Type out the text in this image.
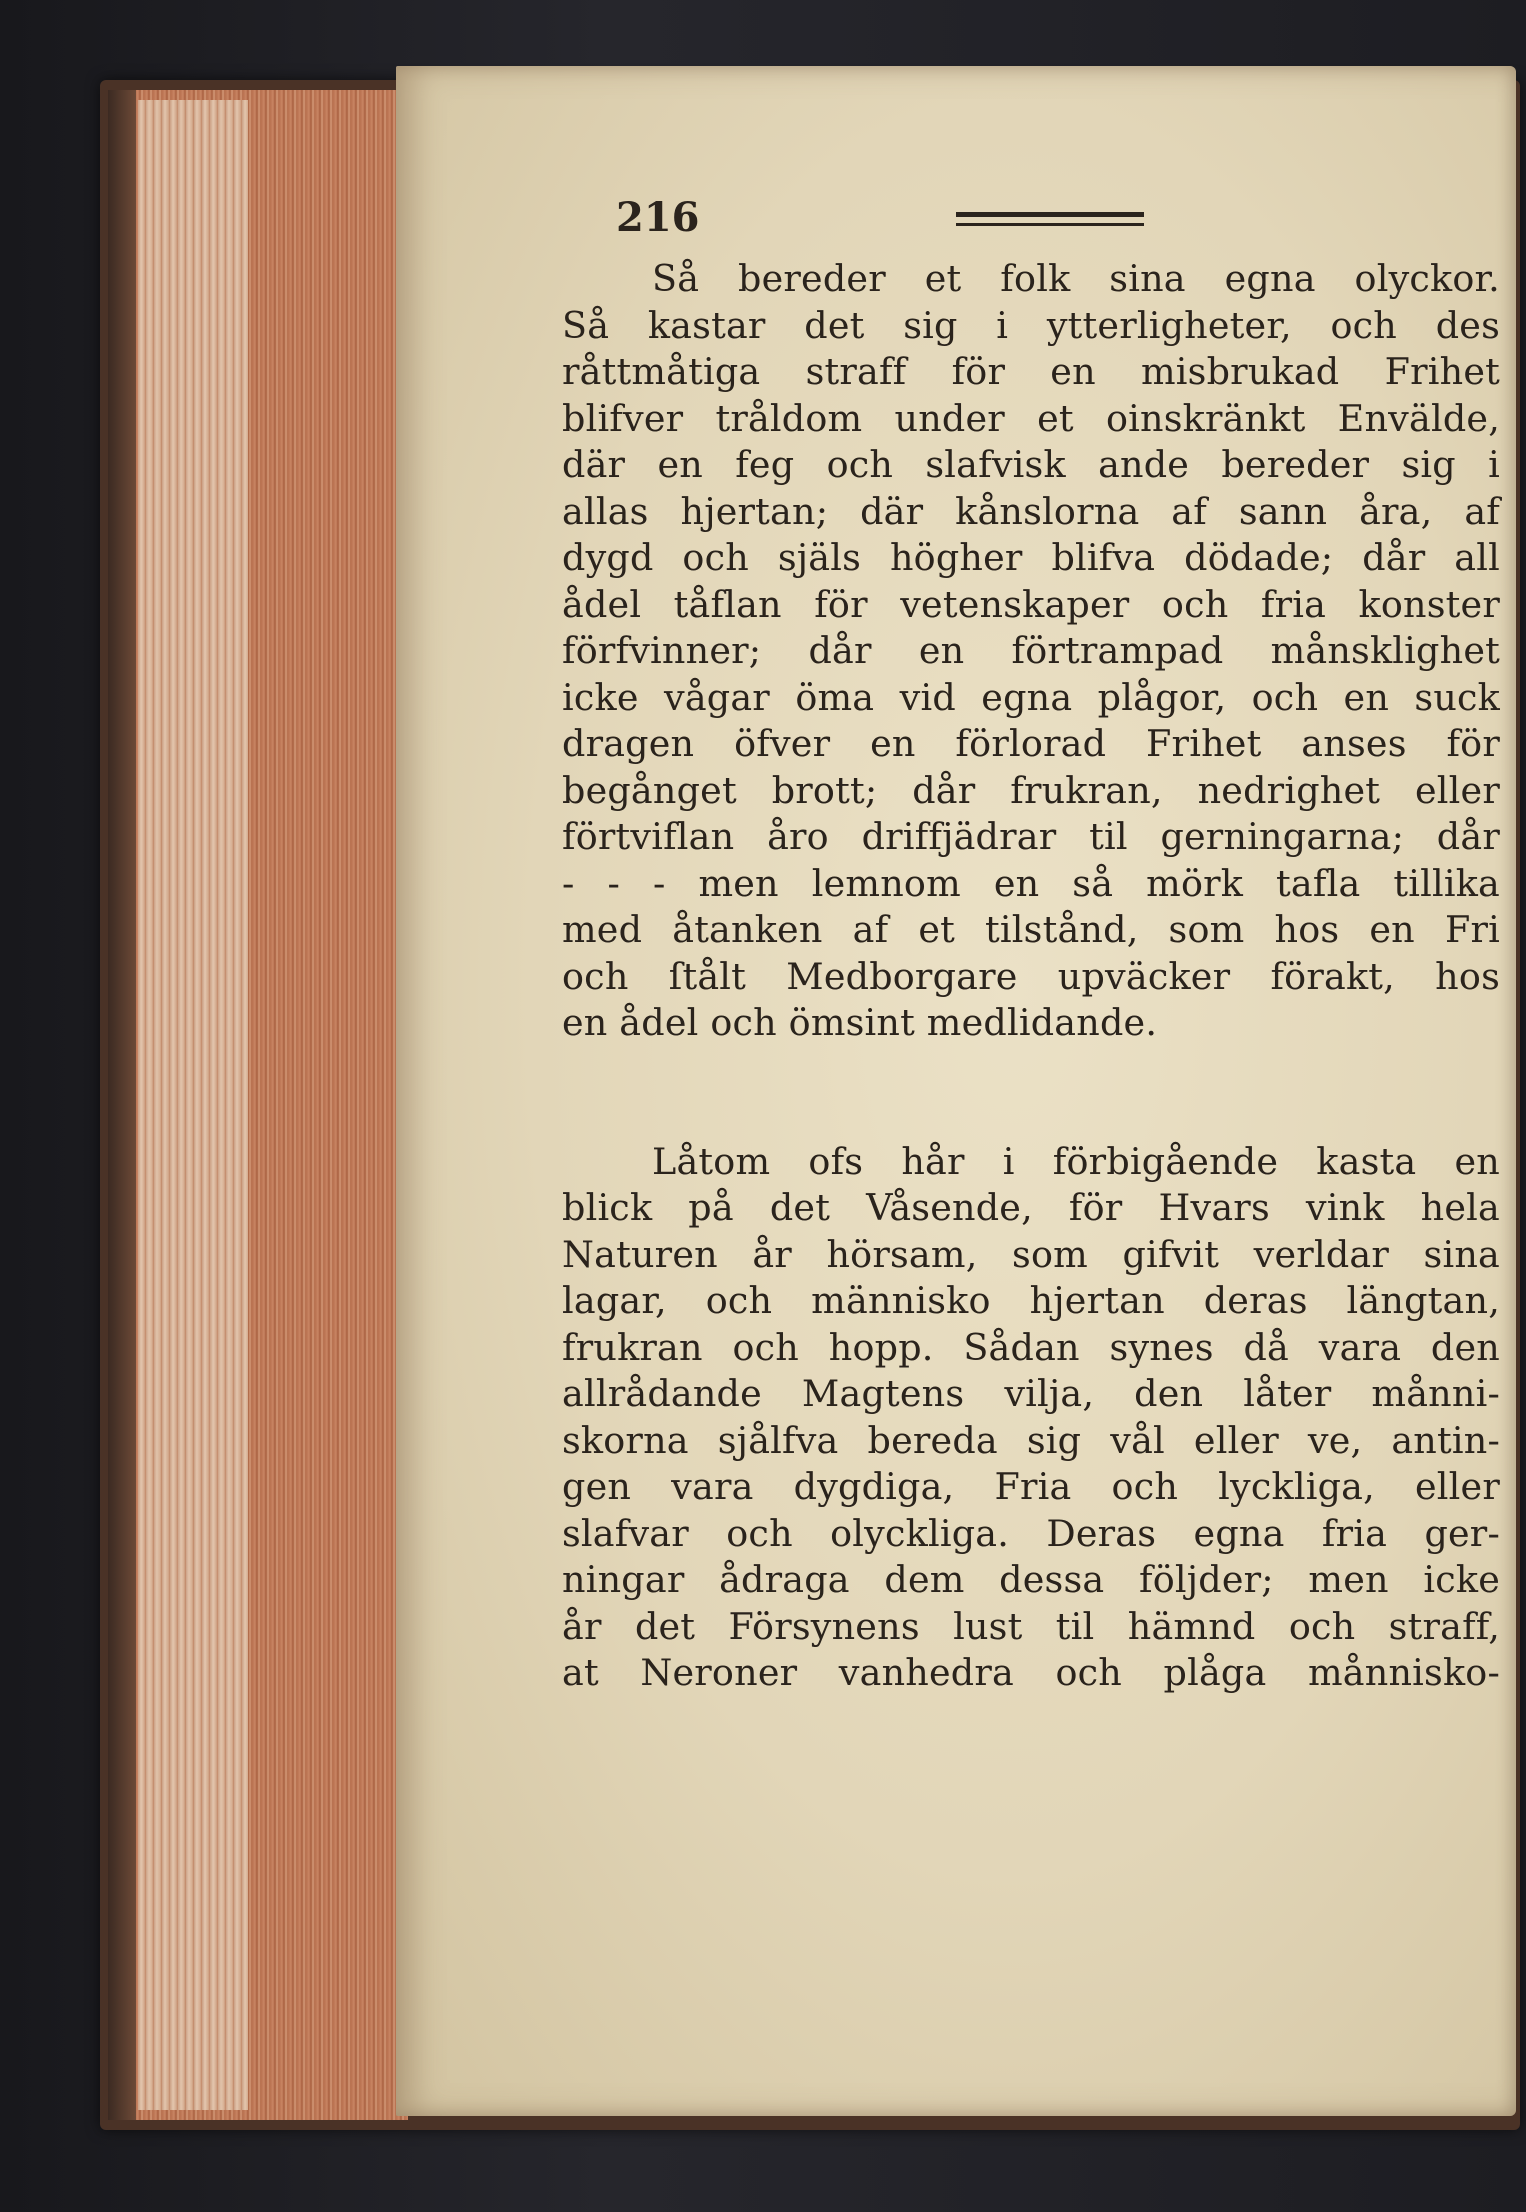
216
Så bereder et folk sina egna olyckor.
Så kastar det sig i ytterligheter, och des
råttmåtiga straff för en misbrukad Frihet
blifver tråldom under et oinskränkt Envälde,
där en feg och slafvisk ande bereder sig i
allas hjertan; där kånslorna af sann åra, af
dygd och själs högher blifva dödade; dår all
ådel tåflan för vetenskaper och fria konster
förfvinner; dår en förtrampad månsklighet
icke vågar öma vid egna plågor, och en suck
dragen öfver en förlorad Frihet anses för
begånget brott; dår frukran, nedrighet eller
förtviflan åro driffjädrar til gerningarna; dår
- - - men lemnom en så mörk tafla tillika
med åtanken af et tilstånd, som hos en Fri
och ſtålt Medborgare upväcker förakt, hos
en ådel och ömsint medlidande.
Låtom ofs hår i förbigående kasta en
blick på det Våsende, för Hvars vink hela
Naturen år hörsam, som gifvit verldar sina
lagar, och människo hjertan deras längtan,
frukran och hopp. Sådan synes då vara den
allrådande Magtens vilja, den låter månni-
skorna sjålfva bereda sig vål eller ve, antin-
gen vara dygdiga, Fria och lyckliga, eller
slafvar och olyckliga. Deras egna fria ger-
ningar ådraga dem dessa följder; men icke
år det Försynens lust til hämnd och straff,
at Neroner vanhedra och plåga månnisko-
